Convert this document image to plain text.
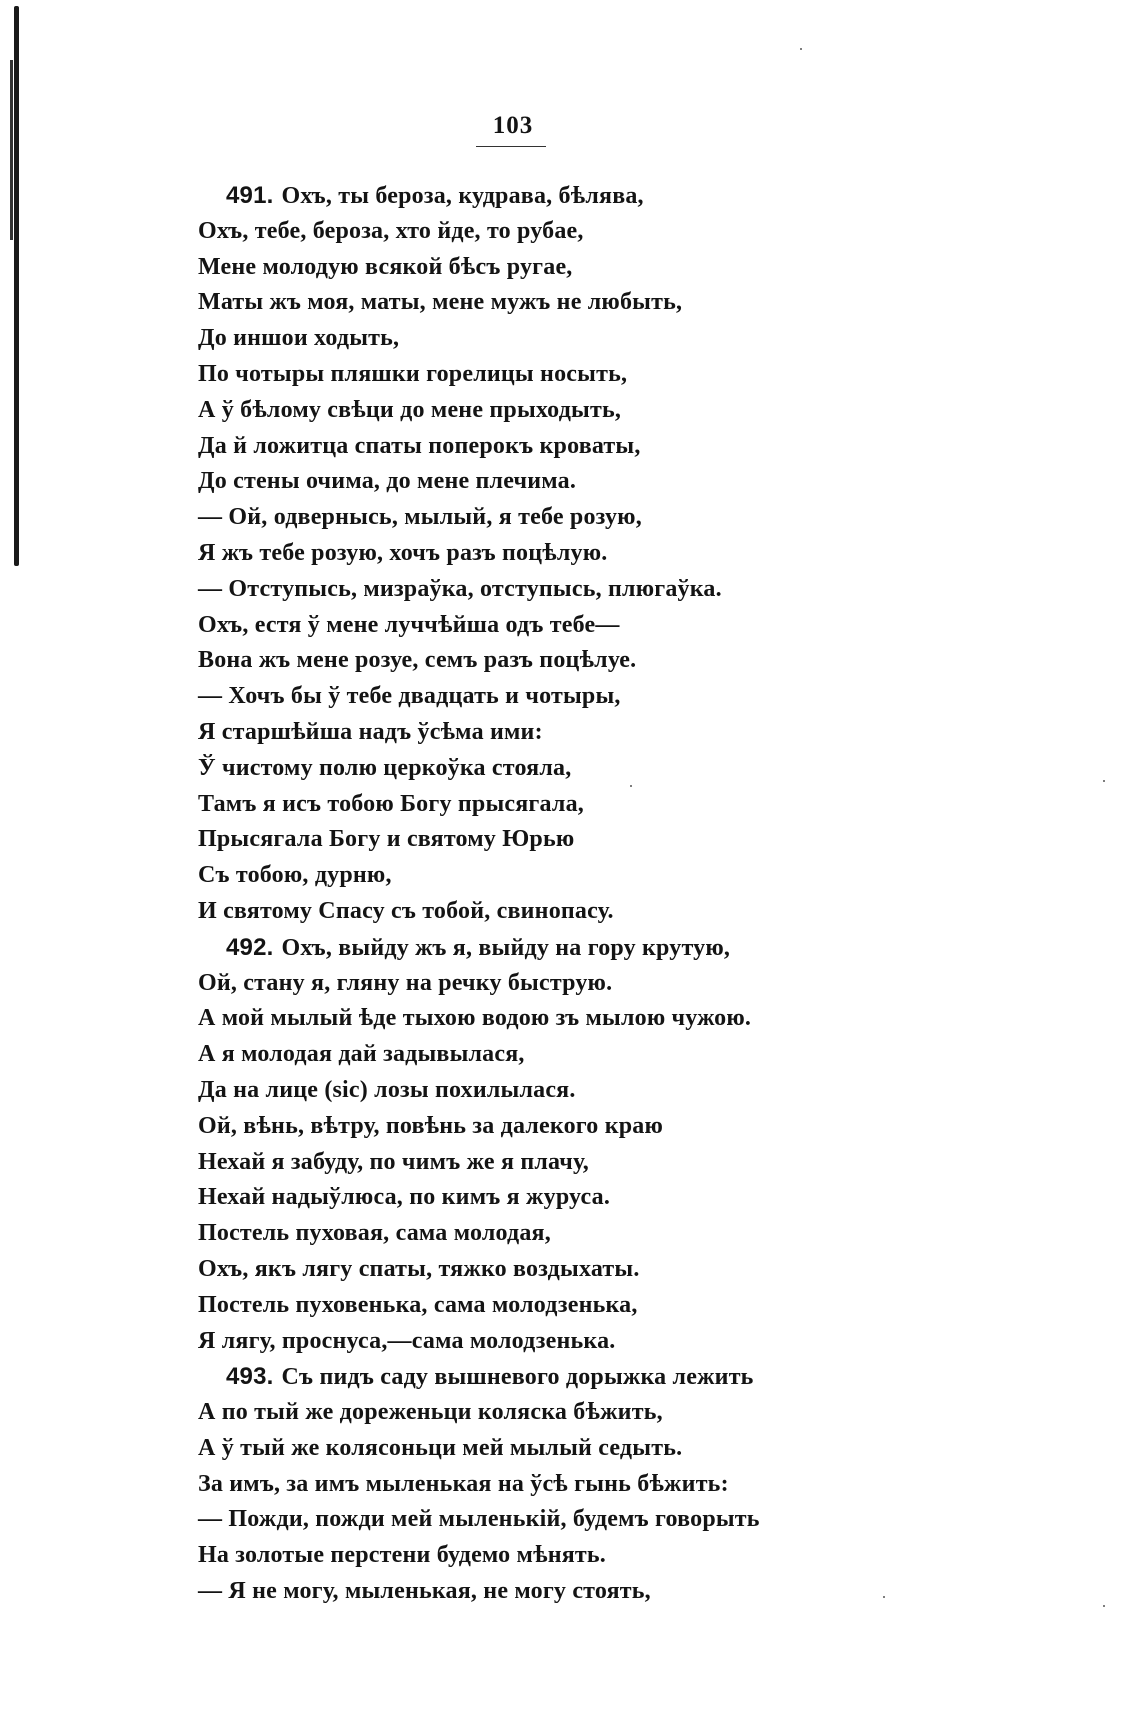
103
491. Охъ, ты бероза, кудрава, бѣлява,
Охъ, тебе, бероза, хто йде, то рубае,
Мене молодую всякой бѣсъ ругае,
Маты жъ моя, маты, мене мужъ не любыть,
До иншои ходыть,
По чотыры пляшки горелицы носыть,
А ў бѣлому свѣци до мене прыходыть,
Да й ложитца спаты поперокъ кроваты,
До стены очима, до мене плечима.
— Ой, одвернысь, мылый, я тебе розую,
Я жъ тебе розую, хочъ разъ поцѣлую.
— Отступысь, мизраўка, отступысь, плюгаўка.
Охъ, естя ў мене луччѣйша одъ тебе—
Вона жъ мене розуе, семъ разъ поцѣлуе.
— Хочъ бы ў тебе двадцать и чотыры,
Я старшѣйша надъ ўсѣма ими:
Ў чистому полю церкоўка стояла,
Тамъ я исъ тобою Богу прысягала,
Прысягала Богу и святому Юрью
Съ тобою, дурню,
И святому Спасу съ тобой, свинопасу.
492. Охъ, выйду жъ я, выйду на гору крутую,
Ой, стану я, гляну на речку быструю.
А мой мылый ѣде тыхою водою зъ мылою чужою.
А я молодая дай задывылася,
Да на лице (sic) лозы похилылася.
Ой, вѣнь, вѣтру, повѣнь за далекого краю
Нехай я забуду, по чимъ же я плачу,
Нехай надыўлюса, по кимъ я журуса.
Постель пуховая, сама молодая,
Охъ, якъ лягу спаты, тяжко воздыхаты.
Постель пуховенька, сама молодзенька,
Я лягу, проснуса,—сама молодзенька.
493. Съ пидъ саду вышневого дорыжка лежить
А по тый же дореженьци коляска бѣжить,
А ў тый же колясоньци мей мылый седыть.
За имъ, за имъ мыленькая на ўсѣ гынь бѣжить:
— Пожди, пожди мей мыленькій, будемъ говорыть
На золотые перстени будемо мѣнять.
— Я не могу, мыленькая, не могу стоять,
